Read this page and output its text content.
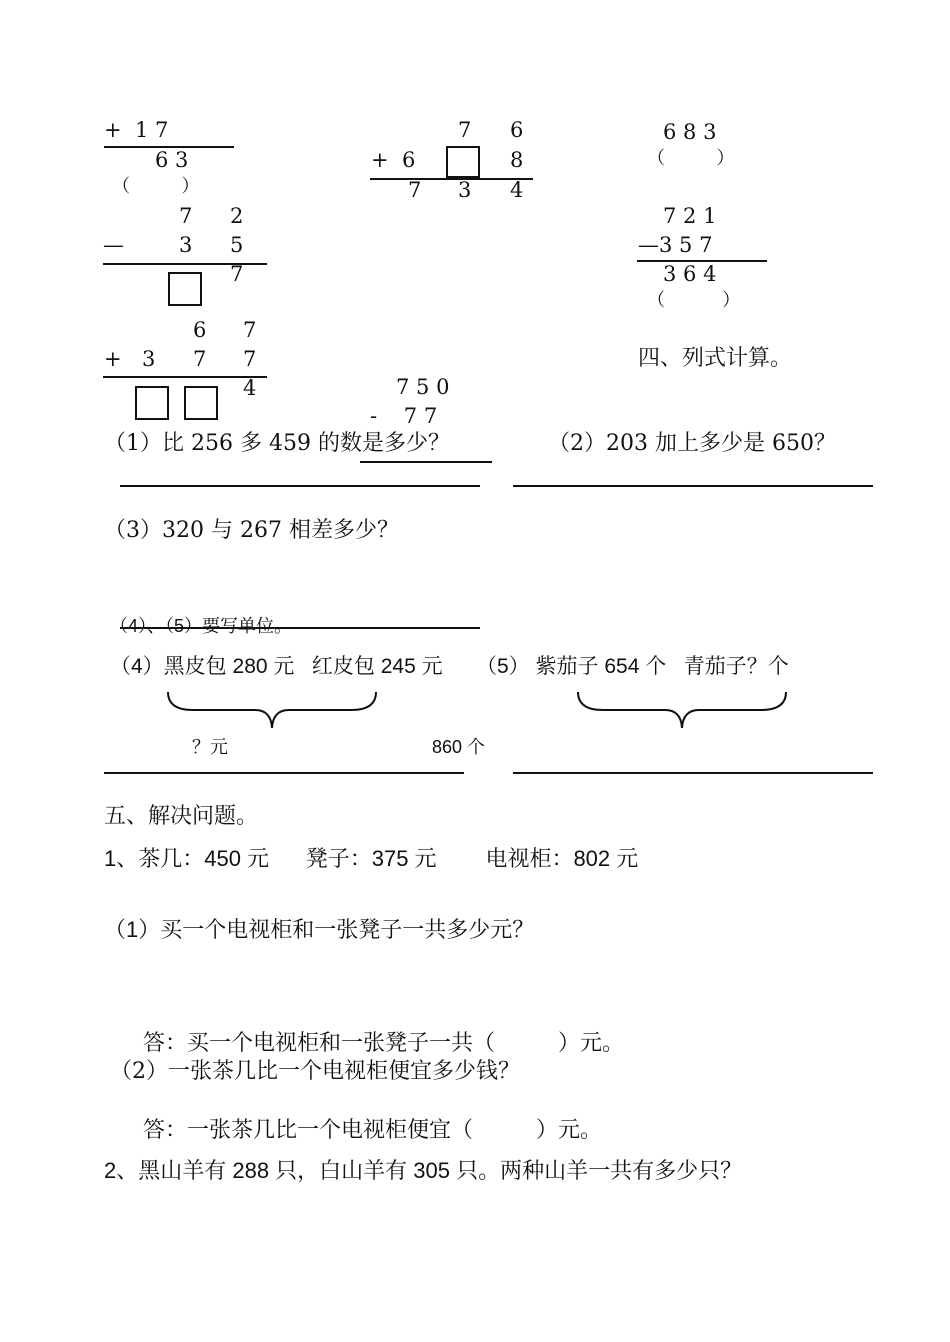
+  1 7
6 3
（         ）
7 6
+  6	8
7 3 4
6 8 3
（         ）
7 2
—	3 5
7
7 2 1
—3 5 7
3 6 4
（          ）
6 7
+ 3 7 7
4
四、列式计算。
7 5 0
-    7 7
（1）比 256 多 459 的数是多少？	（2）203 加上多少是 650？
（3）320 与 267 相差多少？
（4）、（5）要写单位。
（4）黑皮包 280 元   红皮包 245 元 （5） 紫茄子 654 个   青茄子？个
？元	860 个
五、解决问题。
1、茶几：450 元      凳子：375 元        电视柜：802 元
（1）买一个电视柜和一张凳子一共多少元？
答：买一个电视柜和一张凳子一共（         ）元。
（2）一张茶几比一个电视柜便宜多少钱？
答：一张茶几比一个电视柜便宜（         ）元。
2、黑山羊有 288 只，白山羊有 305 只。两种山羊一共有多少只？
